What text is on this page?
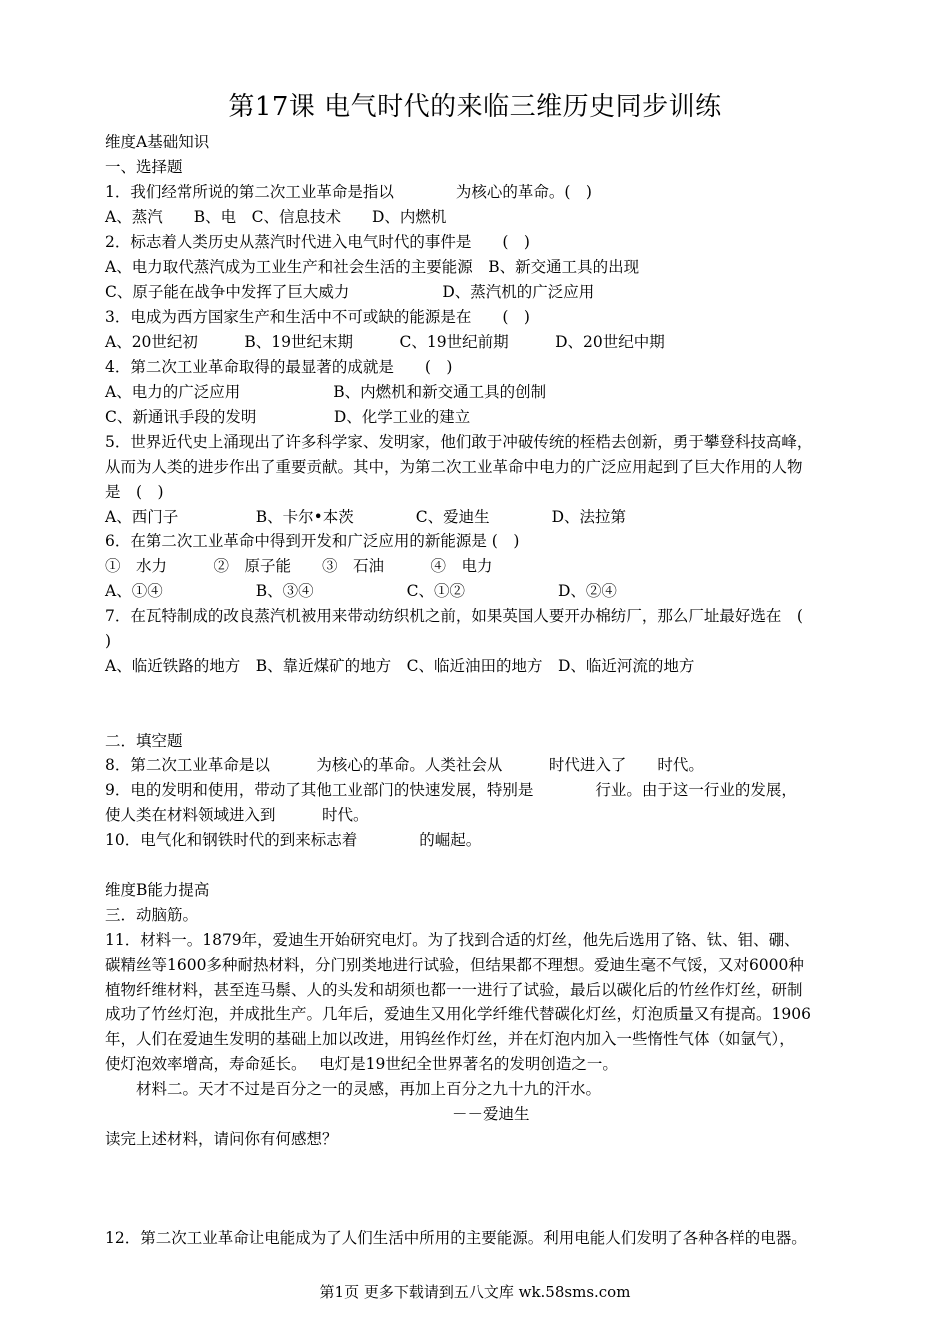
第17课 电气时代的来临三维历史同步训练
维度A基础知识
一、选择题
1．我们经常所说的第二次工业革命是指以　　　　为核心的革命。(　)
A、蒸汽　　B、电　C、信息技术　　D、内燃机
2．标志着人类历史从蒸汽时代进入电气时代的事件是　　(　)
A、电力取代蒸汽成为工业生产和社会生活的主要能源　B、新交通工具的出现
C、原子能在战争中发挥了巨大威力　　　　　　D、蒸汽机的广泛应用
3．电成为西方国家生产和生活中不可或缺的能源是在　　(　)
A、20世纪初　　　B、19世纪末期　　　C、19世纪前期　　　D、20世纪中期
4．第二次工业革命取得的最显著的成就是　　(　)
A、电力的广泛应用　　　　　　B、内燃机和新交通工具的创制
C、新通讯手段的发明　　　　　D、化学工业的建立
5．世界近代史上涌现出了许多科学家、发明家，他们敢于冲破传统的桎梏去创新，勇于攀登科技高峰，
从而为人类的进步作出了重要贡献。其中，为第二次工业革命中电力的广泛应用起到了巨大作用的人物
是　(　)
A、西门子　　　　　B、卡尔•本茨　　　　C、爱迪生　　　　D、法拉第
6．在第二次工业革命中得到开发和广泛应用的新能源是 (　)
①　水力　　　②　原子能　　③　石油　　　④　电力
A、①④　　　　　　B、③④　　　　　　C、①②　　　　　　D、②④
7．在瓦特制成的改良蒸汽机被用来带动纺织机之前，如果英国人要开办棉纺厂，那么厂址最好选在　(
)
A、临近铁路的地方　B、靠近煤矿的地方　C、临近油田的地方　D、临近河流的地方
二．填空题
8．第二次工业革命是以　　　为核心的革命。人类社会从　　　时代进入了　　时代。
9．电的发明和使用，带动了其他工业部门的快速发展，特别是　　　　行业。由于这一行业的发展，
使人类在材料领域进入到　　　时代。
10．电气化和钢铁时代的到来标志着　　　　的崛起。
维度B能力提高
三．动脑筋。
11．材料一。1879年，爱迪生开始研究电灯。为了找到合适的灯丝，他先后选用了铬、钛、钼、硼、
碳精丝等1600多种耐热材料，分门别类地进行试验，但结果都不理想。爱迪生毫不气馁，又对6000种
植物纤维材料，甚至连马鬃、人的头发和胡须也都一一进行了试验，最后以碳化后的竹丝作灯丝，研制
成功了竹丝灯泡，并成批生产。几年后，爱迪生又用化学纤维代替碳化灯丝，灯泡质量又有提高。1906
年，人们在爱迪生发明的基础上加以改进，用钨丝作灯丝，并在灯泡内加入一些惰性气体（如氩气），
使灯泡效率增高，寿命延长。　 电灯是19世纪全世界著名的发明创造之一。
　　材料二。天才不过是百分之一的灵感，再加上百分之九十九的汗水。
－－爱迪生
读完上述材料，请问你有何感想？
12．第二次工业革命让电能成为了人们生活中所用的主要能源。利用电能人们发明了各种各样的电器。
第1页 更多下载请到五八文库 wk.58sms.com
